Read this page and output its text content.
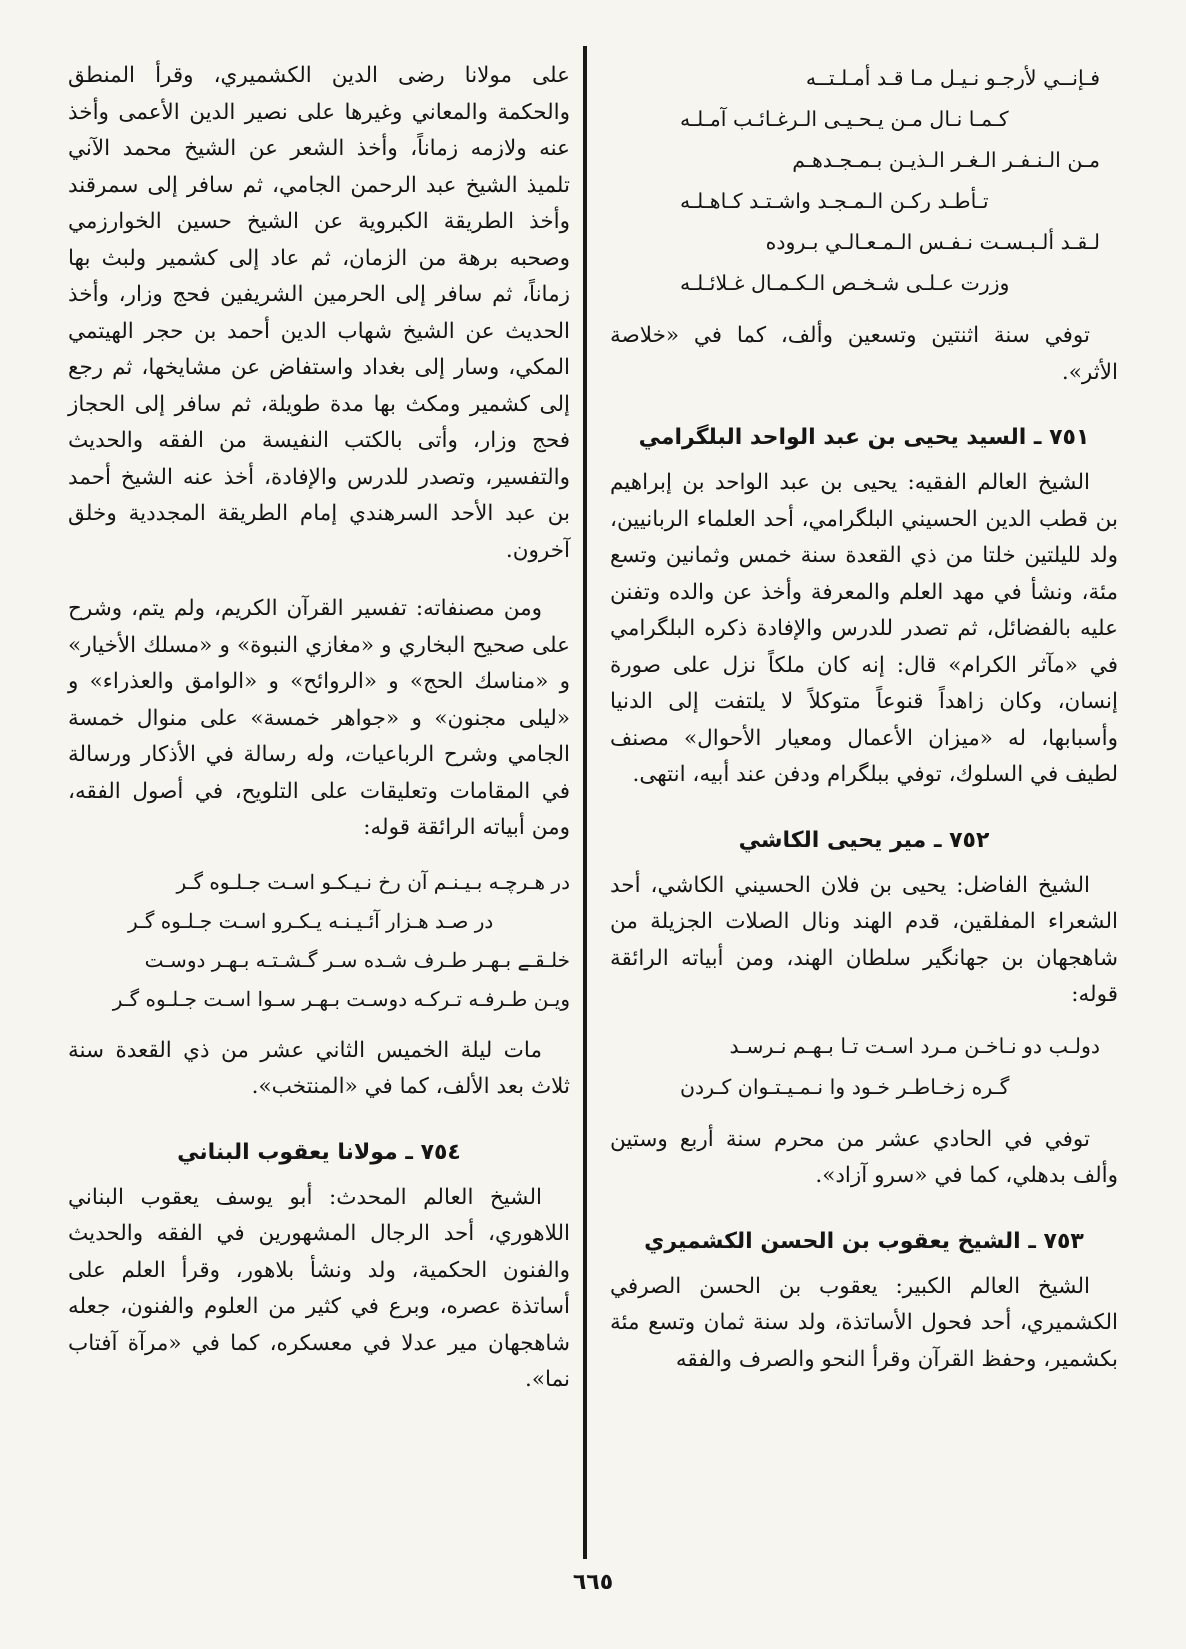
فـإنــي لأرجـو نـيـل مـا قـد أمـلـتــه
كـمـا نـال مـن يـحـيـى الـرغـائـب آمـلـه
مـن الـنـفـر الـغـر الـذيـن بـمـجـدهـم
تـأطـد ركـن الـمـجـد واشـتـد كـاهـلـه
لـقـد ألـبـسـت نـفـس الـمـعـالـي بـروده
وزرت عـلـى شـخـص الـكـمـال غـلائـلـه

توفي سنة اثنتين وتسعين وألف، كما في «خلاصة الأثر».

٧٥١ ـ السيد يحيى بن عبد الواحد البلگرامي

الشيخ العالم الفقيه: يحيى بن عبد الواحد بن إبراهيم بن قطب الدين الحسيني البلگرامي، أحد العلماء الربانيين، ولد لليلتين خلتا من ذي القعدة سنة خمس وثمانين وتسع مئة، ونشأ في مهد العلم والمعرفة وأخذ عن والده وتفنن عليه بالفضائل، ثم تصدر للدرس والإفادة ذكره البلگرامي في «مآثر الكرام» قال: إنه كان ملكاً نزل على صورة إنسان، وكان زاهداً قنوعاً متوكلاً لا يلتفت إلى الدنيا وأسبابها، له «ميزان الأعمال ومعيار الأحوال» مصنف لطيف في السلوك، توفي ببلگرام ودفن عند أبيه، انتهى.

٧٥٢ ـ مير يحيى الكاشي

الشيخ الفاضل: يحيى بن فلان الحسيني الكاشي، أحد الشعراء المفلقين، قدم الهند ونال الصلات الجزيلة من شاهجهان بن جهانگير سلطان الهند، ومن أبياته الرائقة قوله:

دولـب دو نـاخـن مـرد اسـت تـا بـهـم نـرسـد
گـره زخـاطـر خـود وا نـمـيـتـوان كـردن

توفي في الحادي عشر من محرم سنة أربع وستين وألف بدهلي، كما في «سرو آزاد».

٧٥٣ ـ الشيخ يعقوب بن الحسن الكشميري

الشيخ العالم الكبير: يعقوب بن الحسن الصرفي الكشميري، أحد فحول الأساتذة، ولد سنة ثمان وتسع مئة بكشمير، وحفظ القرآن وقرأ النحو والصرف والفقه

على مولانا رضى الدين الكشميري، وقرأ المنطق والحكمة والمعاني وغيرها على نصير الدين الأعمى وأخذ عنه ولازمه زماناً، وأخذ الشعر عن الشيخ محمد الآني تلميذ الشيخ عبد الرحمن الجامي، ثم سافر إلى سمرقند وأخذ الطريقة الكبروية عن الشيخ حسين الخوارزمي وصحبه برهة من الزمان، ثم عاد إلى كشمير ولبث بها زماناً، ثم سافر إلى الحرمين الشريفين فحج وزار، وأخذ الحديث عن الشيخ شهاب الدين أحمد بن حجر الهيتمي المكي، وسار إلى بغداد واستفاض عن مشايخها، ثم رجع إلى كشمير ومكث بها مدة طويلة، ثم سافر إلى الحجاز فحج وزار، وأتى بالكتب النفيسة من الفقه والحديث والتفسير، وتصدر للدرس والإفادة، أخذ عنه الشيخ أحمد بن عبد الأحد السرهندي إمام الطريقة المجددية وخلق آخرون.

ومن مصنفاته: تفسير القرآن الكريم، ولم يتم، وشرح على صحيح البخاري و «مغازي النبوة» و «مسلك الأخيار» و «مناسك الحج» و «الروائح» و «الوامق والعذراء» و «ليلى مجنون» و «جواهر خمسة» على منوال خمسة الجامي وشرح الرباعيات، وله رسالة في الأذكار ورسالة في المقامات وتعليقات على التلويح، في أصول الفقه، ومن أبياته الرائقة قوله:

در هـرچـه بـيـنـم آن رخ نـيـكـو اسـت جـلـوه گـر
در صـد هـزار آئـيـنـه يـكـرو اسـت جـلـوه گـر
خلـقـے بـهـر طـرف شـده سـر گـشـتـه بـهـر دوسـت
ويـن طـرفـه تـركـه دوسـت بـهـر سـوا اسـت جـلـوه گـر

مات ليلة الخميس الثاني عشر من ذي القعدة سنة ثلاث بعد الألف، كما في «المنتخب».

٧٥٤ ـ مولانا يعقوب البناني

الشيخ العالم المحدث: أبو يوسف يعقوب البناني اللاهوري، أحد الرجال المشهورين في الفقه والحديث والفنون الحكمية، ولد ونشأ بلاهور، وقرأ العلم على أساتذة عصره، وبرع في كثير من العلوم والفنون، جعله شاهجهان مير عدلا في معسكره، كما في «مرآة آفتاب نما».

٦٦٥
